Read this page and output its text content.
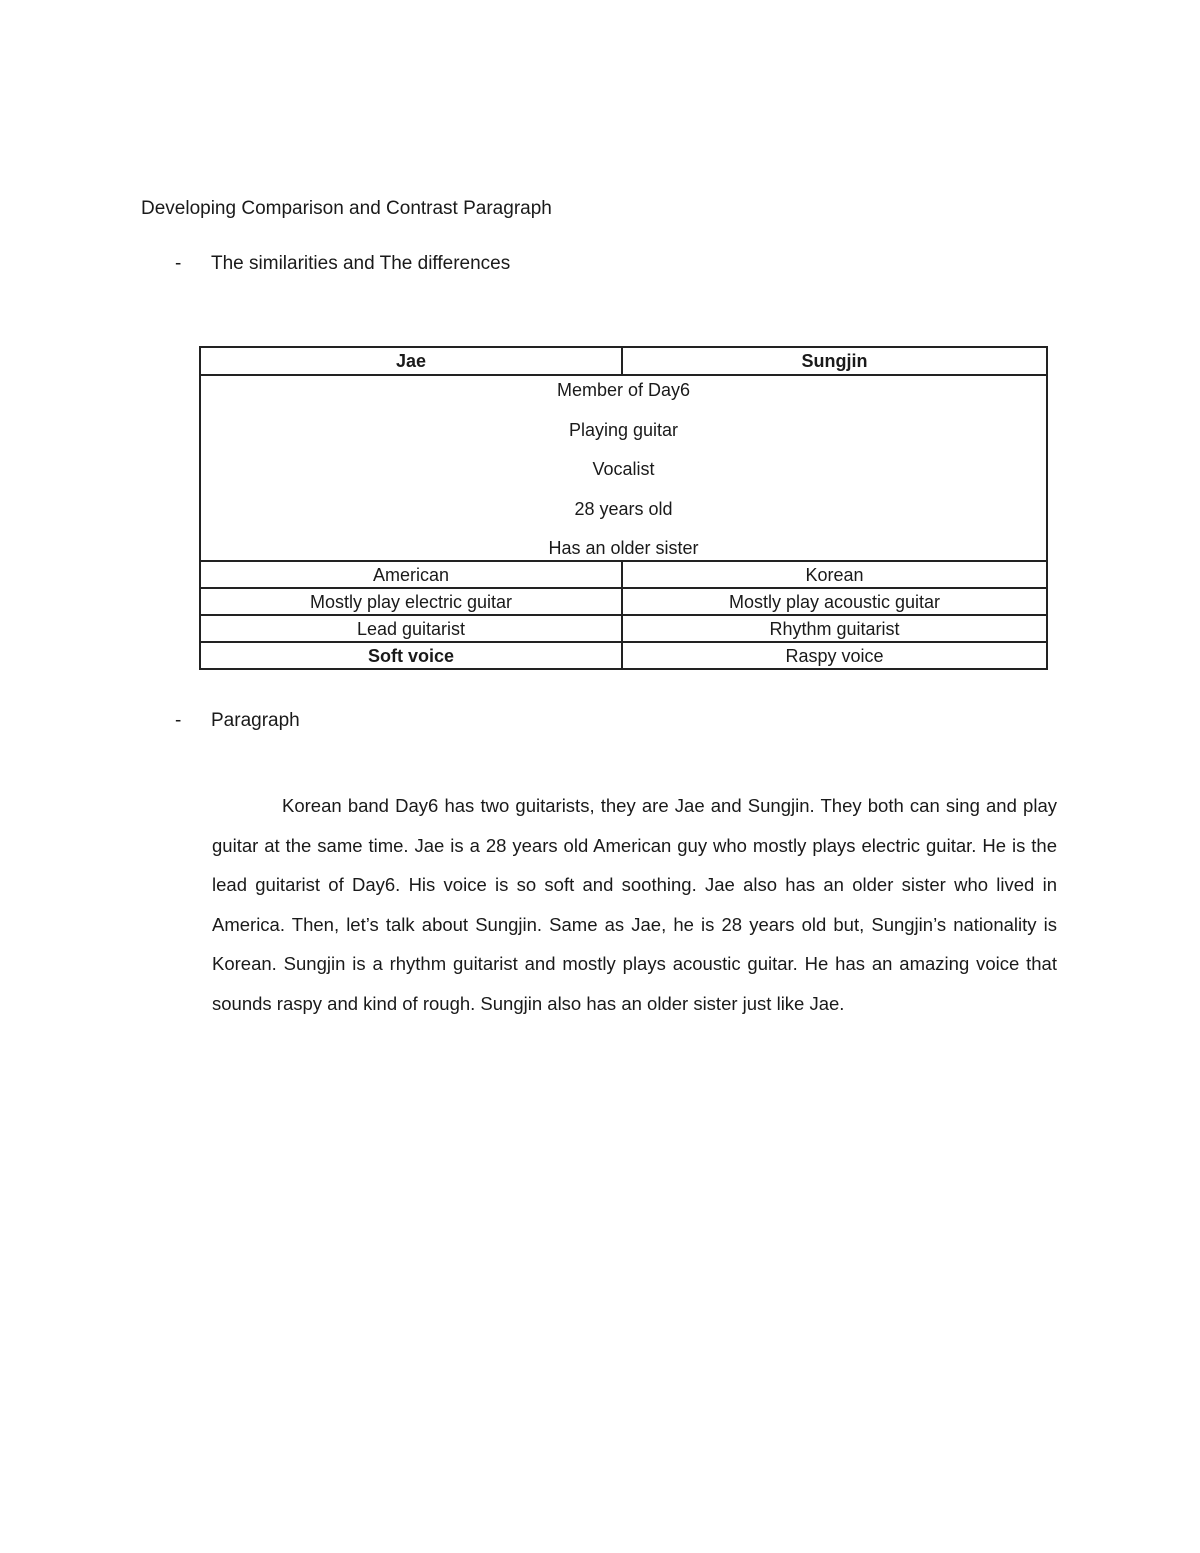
Developing Comparison and Contrast Paragraph
-	The similarities and The differences
Jae	Sungjin

Member of Day6
Playing guitar
Vocalist
28 years old
Has an older sister	

American	Korean
Mostly play electric guitar	Mostly play acoustic guitar
Lead guitarist	Rhythm guitarist
Soft voice	Raspy voice
-	Paragraph

Korean band Day6 has two guitarists, they are Jae and Sungjin. They both can sing and play guitar at the same time. Jae is a 28 years old American guy who mostly plays electric guitar. He is the lead guitarist of Day6. His voice is so soft and soothing. Jae also has an older sister who lived in America. Then, let’s talk about Sungjin. Same as Jae, he is 28 years old but, Sungjin’s nationality is Korean. Sungjin is a rhythm guitarist and mostly plays acoustic guitar. He has an amazing voice that sounds raspy and kind of rough. Sungjin also has an older sister just like Jae.
